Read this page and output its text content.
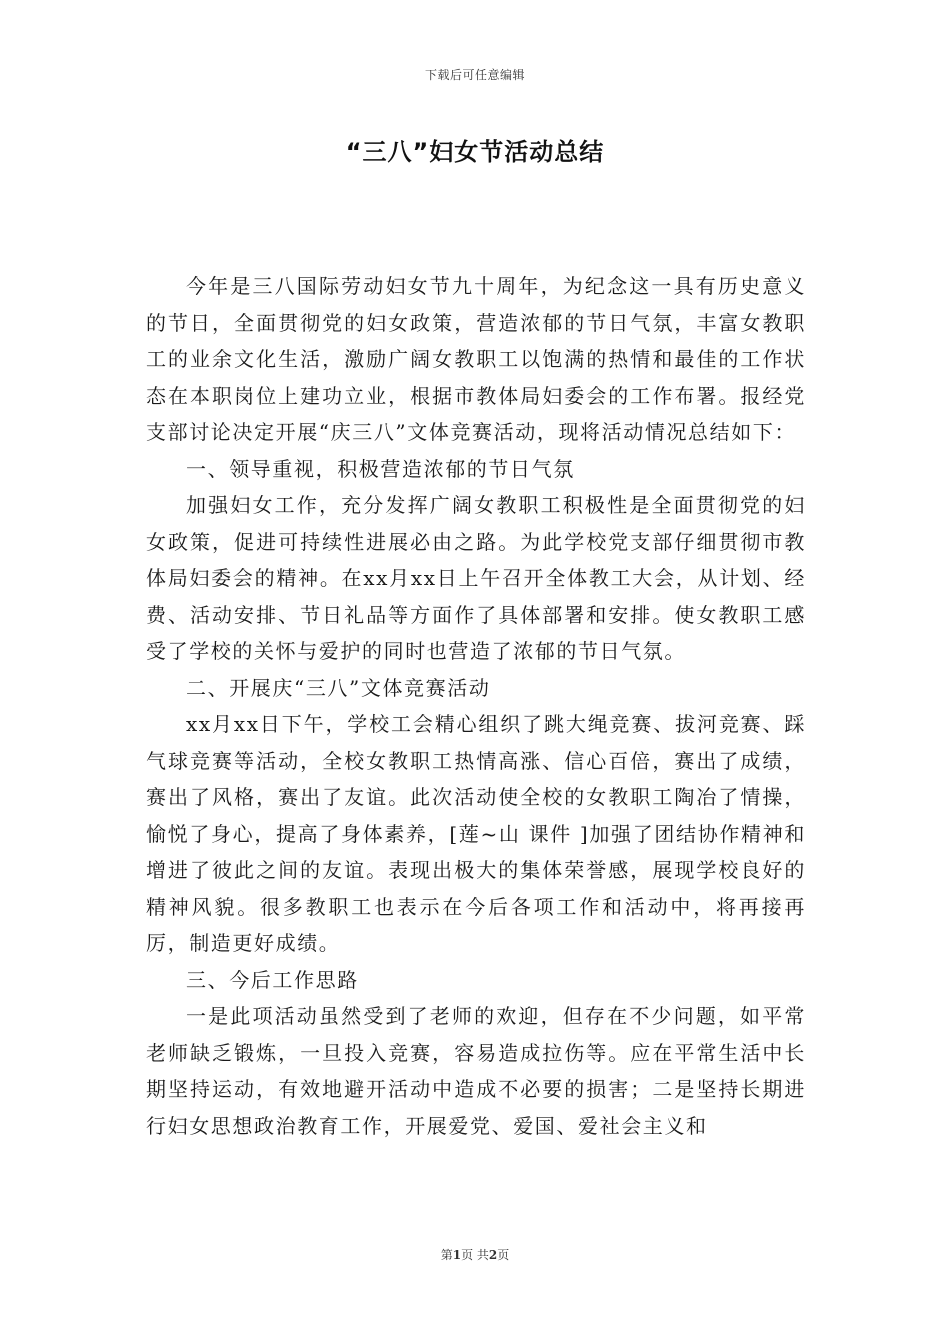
下载后可任意编辑
“三八”妇女节活动总结

今年是三八国际劳动妇女节九十周年，为纪念这一具有历史意义的节日，全面贯彻党的妇女政策，营造浓郁的节日气氛，丰富女教职工的业余文化生活，激励广阔女教职工以饱满的热情和最佳的工作状态在本职岗位上建功立业，根据市教体局妇委会的工作布署。报经党支部讨论决定开展“庆三八”文体竞赛活动，现将活动情况总结如下：

一、领导重视，积极营造浓郁的节日气氛

加强妇女工作，充分发挥广阔女教职工积极性是全面贯彻党的妇女政策，促进可持续性进展必由之路。为此学校党支部仔细贯彻市教体局妇委会的精神。在xx月xx日上午召开全体教工大会，从计划、经费、活动安排、节日礼品等方面作了具体部署和安排。使女教职工感受了学校的关怀与爱护的同时也营造了浓郁的节日气氛。

二、开展庆“三八”文体竞赛活动

xx月xx日下午，学校工会精心组织了跳大绳竞赛、拔河竞赛、踩气球竞赛等活动，全校女教职工热情高涨、信心百倍，赛出了成绩，赛出了风格，赛出了友谊。此次活动使全校的女教职工陶冶了情操，愉悦了身心，提高了身体素养，[莲~山 课件 ]加强了团结协作精神和增进了彼此之间的友谊。表现出极大的集体荣誉感，展现学校良好的精神风貌。很多教职工也表示在今后各项工作和活动中，将再接再厉，制造更好成绩。

三、今后工作思路

一是此项活动虽然受到了老师的欢迎，但存在不少问题，如平常老师缺乏锻炼，一旦投入竞赛，容易造成拉伤等。应在平常生活中长期坚持运动，有效地避开活动中造成不必要的损害；二是坚持长期进行妇女思想政治教育工作，开展爱党、爱国、爱社会主义和

第1页 共2页
